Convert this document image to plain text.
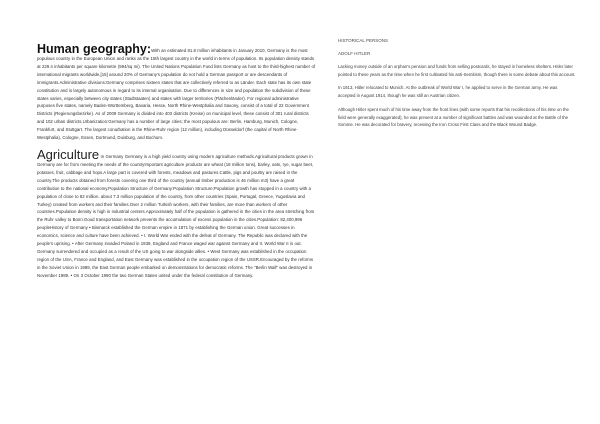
Human geography:With an estimated 81.8 million inhabitants in January 2010, Germany is the most populous country in the European Union and ranks as the 15th largest country in the world in terms of population. Its population density stands at 229.4 inhabitants per square kilometre (594/sq mi). The United Nations Population Fund lists Germany as host to the third-highest number of international migrants worldwide,[15] around 20% of Germany's population do not hold a German passport or are descendants of immigrants.Administrative divisions:Germany comprises sixteen states that are collectively referred to as Länder. Each state has its own state constitution and is largely autonomous in regard to its internal organisation. Due to differences in size and population the subdivision of these states varies, especially between city states (Stadtstaaten) and states with larger territories (Flächenländer). For regional administrative purposes five states, namely Baden-Württemberg, Bavaria, Hesse, North Rhine-Westphalia and Saxony, consist of a total of 22 Government Districts (Regierungsbezirke). As of 2009 Germany is divided into 403 districts (Kreise) on municipal level, these consist of 301 rural districts and 102 urban districts.Urbanization:Germany has a number of large cities; the most populous are: Berlin, Hamburg, Munich, Cologne, Frankfurt, and Stuttgart. The largest conurbation is the Rhine-Ruhr region (12 million), including Düsseldorf (the capital of North Rhine-Westphalia), Cologne, Essen, Dortmund, Duisburg, and Bochum.

Agriculture In Germany Germany is a high yield country using modern agriculture methods.Agricultural products grown in Germany are for from meeting the needs of the country!mportant agriculture products are wheat (18 million tons), barley, oats, rye, sugar beet, potatoes, fruit, cabbage and hops.A large part is covered with forests, meadows and pastures.Cattle, pigs and poultry are raised in the country.The products obtained from forests covering one third of the country (annual timber production is 46 million m3) have a great contribution to the national economy.Population Structure of Germany:Population Structure;Population growth has stopped in a country with a population of close to 82 million. about 7.3 million population of the country, from other countries (Spain, Portugal, Greece, Yugoslavia and Turkey) created from workers and their families.Over 2 million Turkish workers, with their families, are more than workers of other countries.Population density is high in industrial centers.Approximately half of the population is gathered in the cities in the area stretching from the Ruhr valley to Bonn.Good transportation network prevents the accumulation of excess population in the cities.Population: 82,400,996 peopleHistory of Germany • Bismarck established the German empire in 1871 by establishing the German union. Great successes in economics, science and culture have been achieved. • I. World War ended with the defeat of Germany. The Republic was declared with the people's uprising. • After Germany invaded Poland in 1939, England and France waged war against Germany and II. World War II is out. Germany surrendered and occupied as a result of the US going to war alongside allies. • West Germany was established in the occupation region of the USA, France and England, and East Germany was established in the occupation region of the USSR.Encouraged by the reforms in the Soviet Union in 1989, the East German people embarked on demonstrations for democratic reforms. The "Berlin Wall" was destroyed in November 1989. • On 3 October 1990 the two German States united under the federal constitution of Germany.

HISTORICAL PERSONS

ADOLF HITLER

Lacking money outside of an orphan's pension and funds from selling postcards, he stayed in homeless shelters. Hitler later pointed to these years as the time when he first cultivated his anti-Semitism, though there is some debate about this account.

In 1913, Hitler relocated to Munich. At the outbreak of World War I, he applied to serve in the German army. He was accepted in August 1914, though he was still an Austrian citizen.

Although Hitler spent much of his time away from the front lines (with some reports that his recollections of his time on the field were generally exaggerated), he was present at a number of significant battles and was wounded at the Battle of the Somme. He was decorated for bravery, receiving the Iron Cross First Class and the Black Wound Badge.
